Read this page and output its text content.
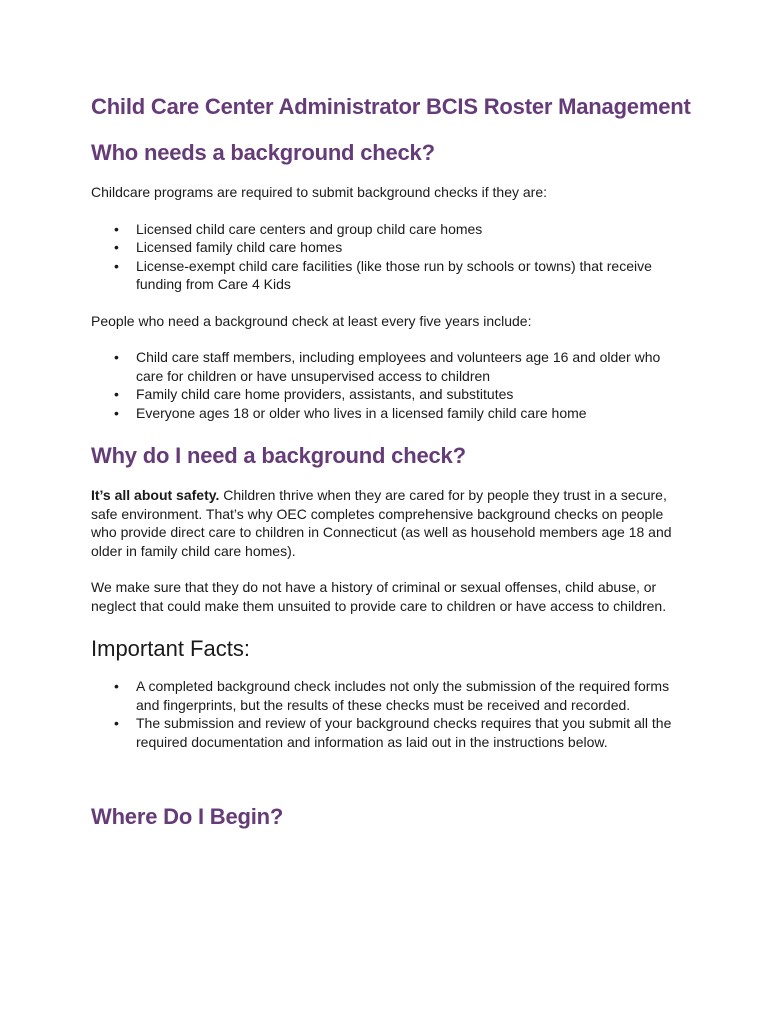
Child Care Center Administrator BCIS Roster Management
Who needs a background check?

Childcare programs are required to submit background checks if they are:

• Licensed child care centers and group child care homes
• Licensed family child care homes
• License-exempt child care facilities (like those run by schools or towns) that receive funding from Care 4 Kids

People who need a background check at least every five years include:

• Child care staff members, including employees and volunteers age 16 and older who care for children or have unsupervised access to children
• Family child care home providers, assistants, and substitutes
• Everyone ages 18 or older who lives in a licensed family child care home
Why do I need a background check?

It’s all about safety. Children thrive when they are cared for by people they trust in a secure, safe environment. That’s why OEC completes comprehensive background checks on people who provide direct care to children in Connecticut (as well as household members age 18 and older in family child care homes).

We make sure that they do not have a history of criminal or sexual offenses, child abuse, or neglect that could make them unsuited to provide care to children or have access to children.

Important Facts:
• A completed background check includes not only the submission of the required forms and fingerprints, but the results of these checks must be received and recorded.
• The submission and review of your background checks requires that you submit all the required documentation and information as laid out in the instructions below.
Where Do I Begin?
